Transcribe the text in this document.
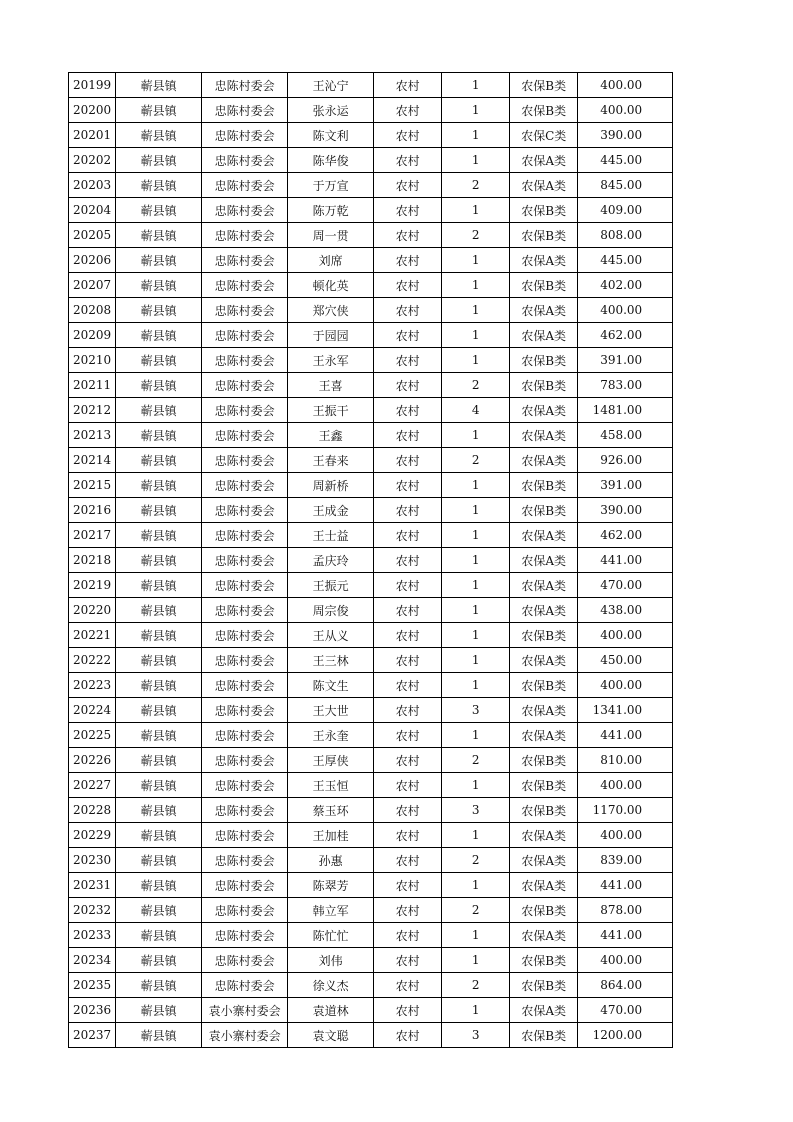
20199	蕲县镇	忠陈村委会	王沁宁	农村	1	农保B类	400.00
20200	蕲县镇	忠陈村委会	张永运	农村	1	农保B类	400.00
20201	蕲县镇	忠陈村委会	陈文利	农村	1	农保C类	390.00
20202	蕲县镇	忠陈村委会	陈华俊	农村	1	农保A类	445.00
20203	蕲县镇	忠陈村委会	于万宣	农村	2	农保A类	845.00
20204	蕲县镇	忠陈村委会	陈万乾	农村	1	农保B类	409.00
20205	蕲县镇	忠陈村委会	周一贯	农村	2	农保B类	808.00
20206	蕲县镇	忠陈村委会	刘席	农村	1	农保A类	445.00
20207	蕲县镇	忠陈村委会	顿化英	农村	1	农保B类	402.00
20208	蕲县镇	忠陈村委会	郑穴侠	农村	1	农保A类	400.00
20209	蕲县镇	忠陈村委会	于园园	农村	1	农保A类	462.00
20210	蕲县镇	忠陈村委会	王永军	农村	1	农保B类	391.00
20211	蕲县镇	忠陈村委会	王喜	农村	2	农保B类	783.00
20212	蕲县镇	忠陈村委会	王振干	农村	4	农保A类	1481.00
20213	蕲县镇	忠陈村委会	王鑫	农村	1	农保A类	458.00
20214	蕲县镇	忠陈村委会	王春来	农村	2	农保A类	926.00
20215	蕲县镇	忠陈村委会	周新桥	农村	1	农保B类	391.00
20216	蕲县镇	忠陈村委会	王成金	农村	1	农保B类	390.00
20217	蕲县镇	忠陈村委会	王士益	农村	1	农保A类	462.00
20218	蕲县镇	忠陈村委会	孟庆玲	农村	1	农保A类	441.00
20219	蕲县镇	忠陈村委会	王振元	农村	1	农保A类	470.00
20220	蕲县镇	忠陈村委会	周宗俊	农村	1	农保A类	438.00
20221	蕲县镇	忠陈村委会	王从义	农村	1	农保B类	400.00
20222	蕲县镇	忠陈村委会	王三林	农村	1	农保A类	450.00
20223	蕲县镇	忠陈村委会	陈文生	农村	1	农保B类	400.00
20224	蕲县镇	忠陈村委会	王大世	农村	3	农保A类	1341.00
20225	蕲县镇	忠陈村委会	王永奎	农村	1	农保A类	441.00
20226	蕲县镇	忠陈村委会	王厚侠	农村	2	农保B类	810.00
20227	蕲县镇	忠陈村委会	王玉恒	农村	1	农保B类	400.00
20228	蕲县镇	忠陈村委会	蔡玉环	农村	3	农保B类	1170.00
20229	蕲县镇	忠陈村委会	王加桂	农村	1	农保A类	400.00
20230	蕲县镇	忠陈村委会	孙惠	农村	2	农保A类	839.00
20231	蕲县镇	忠陈村委会	陈翠芳	农村	1	农保A类	441.00
20232	蕲县镇	忠陈村委会	韩立军	农村	2	农保B类	878.00
20233	蕲县镇	忠陈村委会	陈忙忙	农村	1	农保A类	441.00
20234	蕲县镇	忠陈村委会	刘伟	农村	1	农保B类	400.00
20235	蕲县镇	忠陈村委会	徐义杰	农村	2	农保B类	864.00
20236	蕲县镇	袁小寨村委会	袁道林	农村	1	农保A类	470.00
20237	蕲县镇	袁小寨村委会	袁文聪	农村	3	农保B类	1200.00
